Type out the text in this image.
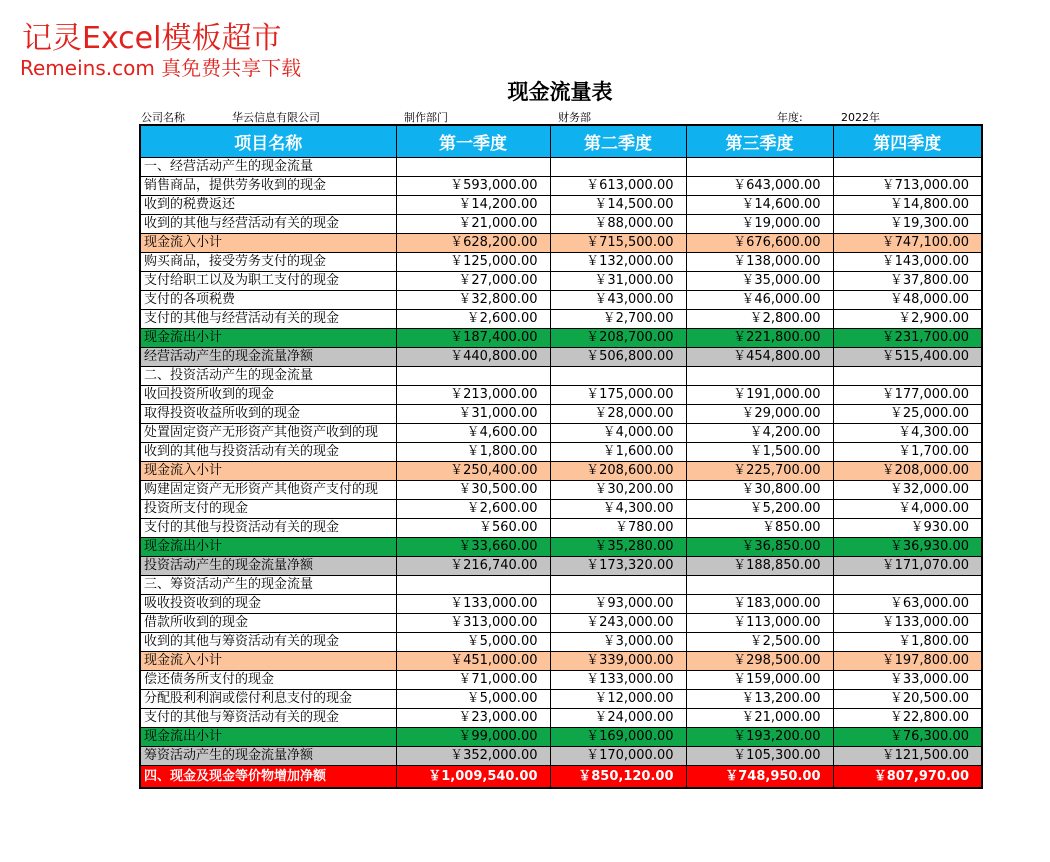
记灵Excel模板超市
Remeins.com 真免费共享下载
现金流量表
公司名称	华云信息有限公司	制作部门	财务部	年度:	2022年
项目名称	第一季度	第二季度	第三季度	第四季度
一、经营活动产生的现金流量				
销售商品，提供劳务收到的现金	￥593,000.00	￥613,000.00	￥643,000.00	￥713,000.00
收到的税费返还	￥14,200.00	￥14,500.00	￥14,600.00	￥14,800.00
收到的其他与经营活动有关的现金	￥21,000.00	￥88,000.00	￥19,000.00	￥19,300.00
现金流入小计	￥628,200.00	￥715,500.00	￥676,600.00	￥747,100.00
购买商品，接受劳务支付的现金	￥125,000.00	￥132,000.00	￥138,000.00	￥143,000.00
支付给职工以及为职工支付的现金	￥27,000.00	￥31,000.00	￥35,000.00	￥37,800.00
支付的各项税费	￥32,800.00	￥43,000.00	￥46,000.00	￥48,000.00
支付的其他与经营活动有关的现金	￥2,600.00	￥2,700.00	￥2,800.00	￥2,900.00
现金流出小计	￥187,400.00	￥208,700.00	￥221,800.00	￥231,700.00
经营活动产生的现金流量净额	￥440,800.00	￥506,800.00	￥454,800.00	￥515,400.00
二、投资活动产生的现金流量				
收回投资所收到的现金	￥213,000.00	￥175,000.00	￥191,000.00	￥177,000.00
取得投资收益所收到的现金	￥31,000.00	￥28,000.00	￥29,000.00	￥25,000.00
处置固定资产无形资产其他资产收到的现	￥4,600.00	￥4,000.00	￥4,200.00	￥4,300.00
收到的其他与投资活动有关的现金	￥1,800.00	￥1,600.00	￥1,500.00	￥1,700.00
现金流入小计	￥250,400.00	￥208,600.00	￥225,700.00	￥208,000.00
购建固定资产无形资产其他资产支付的现	￥30,500.00	￥30,200.00	￥30,800.00	￥32,000.00
投资所支付的现金	￥2,600.00	￥4,300.00	￥5,200.00	￥4,000.00
支付的其他与投资活动有关的现金	￥560.00	￥780.00	￥850.00	￥930.00
现金流出小计	￥33,660.00	￥35,280.00	￥36,850.00	￥36,930.00
投资活动产生的现金流量净额	￥216,740.00	￥173,320.00	￥188,850.00	￥171,070.00
三、筹资活动产生的现金流量				
吸收投资收到的现金	￥133,000.00	￥93,000.00	￥183,000.00	￥63,000.00
借款所收到的现金	￥313,000.00	￥243,000.00	￥113,000.00	￥133,000.00
收到的其他与筹资活动有关的现金	￥5,000.00	￥3,000.00	￥2,500.00	￥1,800.00
现金流入小计	￥451,000.00	￥339,000.00	￥298,500.00	￥197,800.00
偿还债务所支付的现金	￥71,000.00	￥133,000.00	￥159,000.00	￥33,000.00
分配股利利润或偿付利息支付的现金	￥5,000.00	￥12,000.00	￥13,200.00	￥20,500.00
支付的其他与筹资活动有关的现金	￥23,000.00	￥24,000.00	￥21,000.00	￥22,800.00
现金流出小计	￥99,000.00	￥169,000.00	￥193,200.00	￥76,300.00
筹资活动产生的现金流量净额	￥352,000.00	￥170,000.00	￥105,300.00	￥121,500.00
四、现金及现金等价物增加净额	￥1,009,540.00	￥850,120.00	￥748,950.00	￥807,970.00
